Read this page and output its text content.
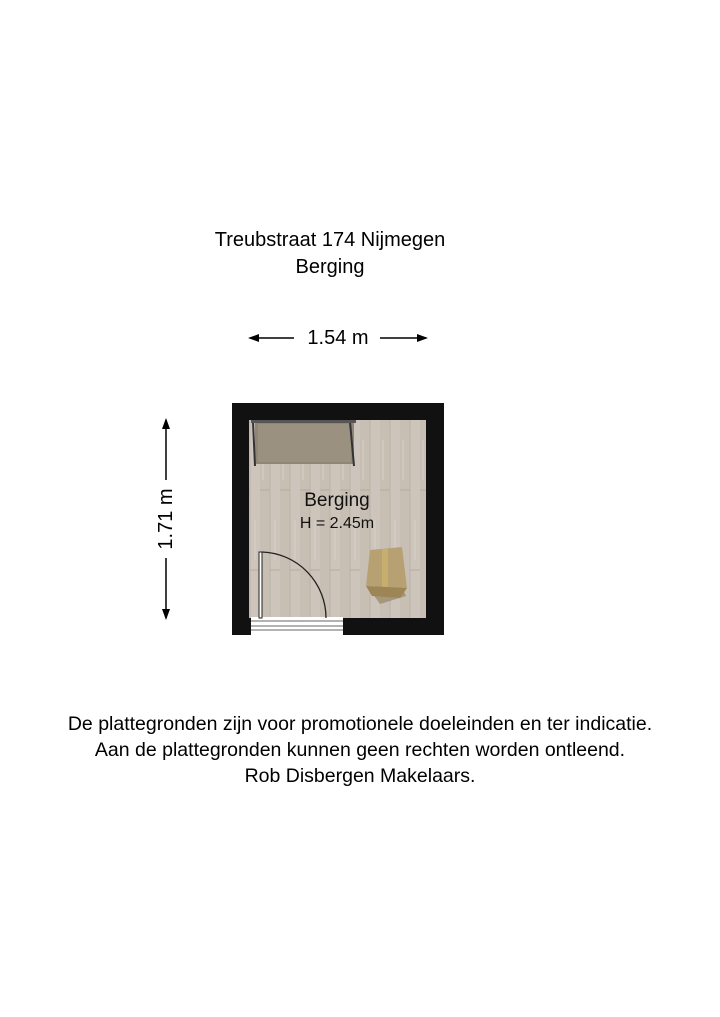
Treubstraat 174 Nijmegen
Berging
Berging
H = 2.45m
1.54 m
1.71 m
De plattegronden zijn voor promotionele doeleinden en ter indicatie.
Aan de plattegronden kunnen geen rechten worden ontleend.
Rob Disbergen Makelaars.
